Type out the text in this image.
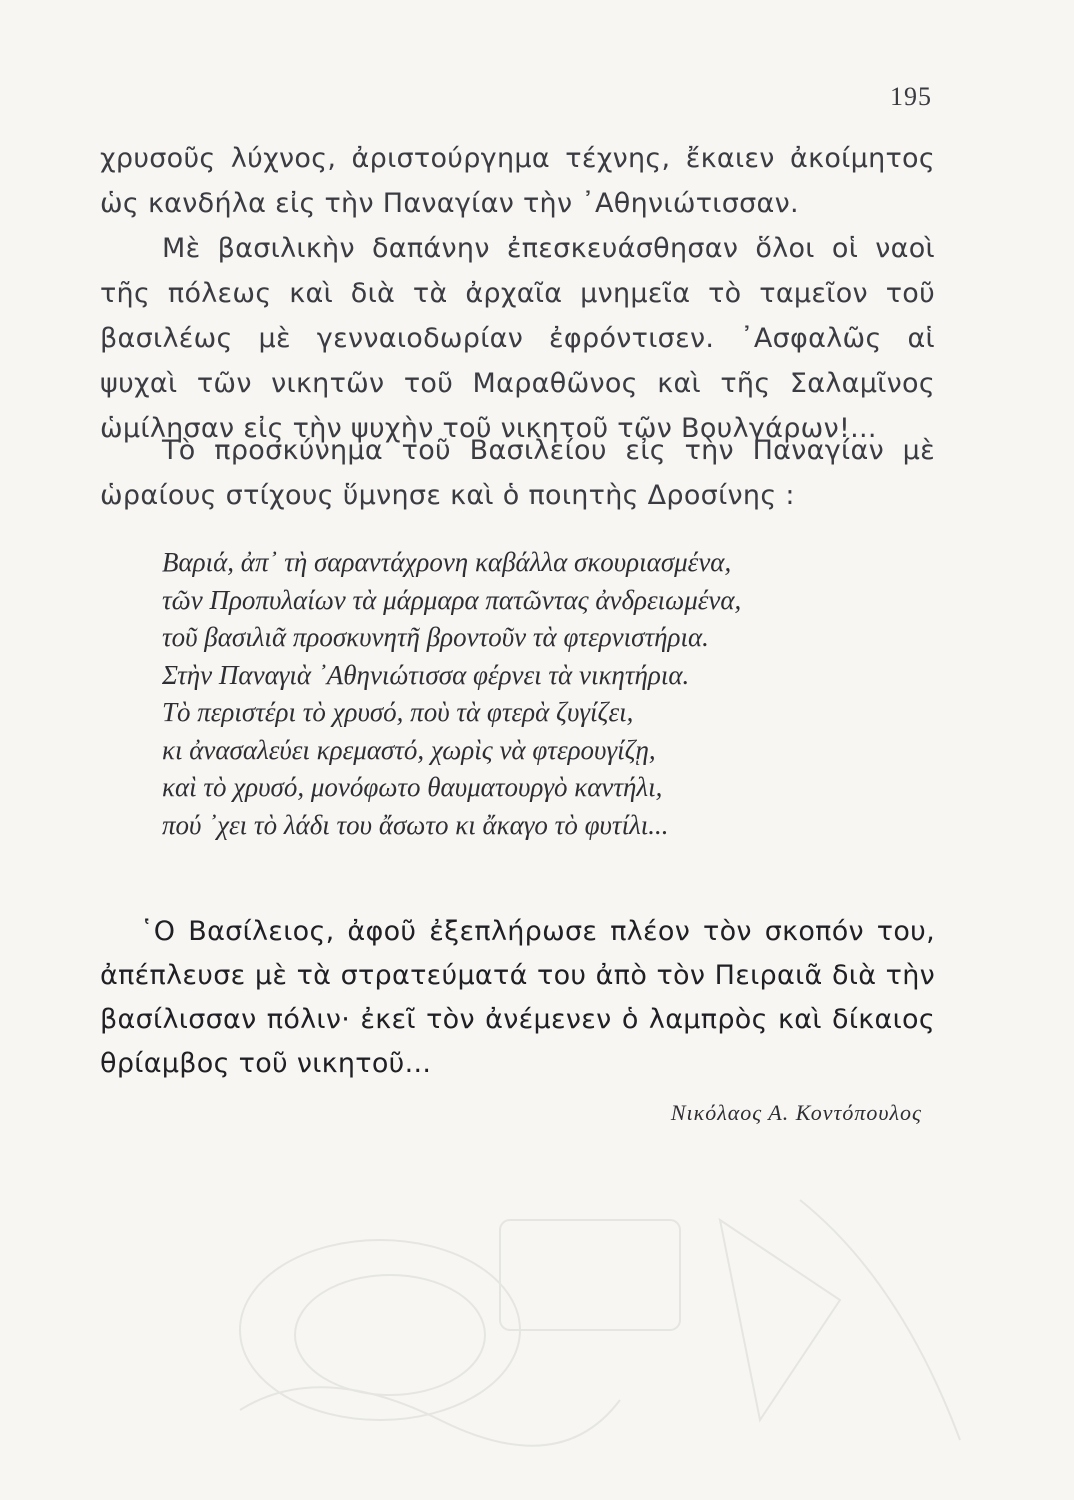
195

χρυσοῦς λύχνος, ἀριστούργημα τέχνης, ἔκαιεν ἀκοίμητος ὡς κανδήλα εἰς τὴν Παναγίαν τὴν ᾿Αθηνιώτισσαν.

Μὲ βασιλικὴν δαπάνην ἐπεσκευάσθησαν ὅλοι οἱ ναοὶ τῆς πόλεως καὶ διὰ τὰ ἀρχαῖα μνημεῖα τὸ ταμεῖον τοῦ βασιλέως μὲ γενναιοδωρίαν ἐφρόντισεν. ᾿Ασφαλῶς αἱ ψυχαὶ τῶν νικητῶν τοῦ Μαραθῶνος καὶ τῆς Σαλαμῖνος ὡμίλησαν εἰς τὴν ψυχὴν τοῦ νικητοῦ τῶν Βουλγάρων!...

Τὸ προσκύνημα τοῦ Βασιλείου εἰς τὴν Παναγίαν μὲ ὡραίους στίχους ὕμνησε καὶ ὁ ποιητὴς Δροσίνης :

Βαριά, ἀπ᾿ τὴ σαραντάχρονη καβάλλα σκουριασμένα,
τῶν Προπυλαίων τὰ μάρμαρα πατῶντας ἀνδρειωμένα,
τοῦ βασιλιᾶ προσκυνητῆ βροντοῦν τὰ φτερνιστήρια.
Στὴν Παναγιὰ ᾿Αθηνιώτισσα φέρνει τὰ νικητήρια.
Τὸ περιστέρι τὸ χρυσό, ποὺ τὰ φτερὰ ζυγίζει,
κι ἀνασαλεύει κρεμαστό, χωρὶς νὰ φτερουγίζῃ,
καὶ τὸ χρυσό, μονόφωτο θαυματουργὸ καντήλι,
πού ᾿χει τὸ λάδι του ἄσωτο κι ἄκαγο τὸ φυτίλι...

῾Ο Βασίλειος, ἀφοῦ ἐξεπλήρωσε πλέον τὸν σκοπόν του, ἀπέπλευσε μὲ τὰ στρατεύματά του ἀπὸ τὸν Πειραιᾶ διὰ τὴν βασίλισσαν πόλιν· ἐκεῖ τὸν ἀνέμενεν ὁ λαμπρὸς καὶ δίκαιος θρίαμβος τοῦ νικητοῦ...

Νικόλαος Α. Κοντόπουλος
